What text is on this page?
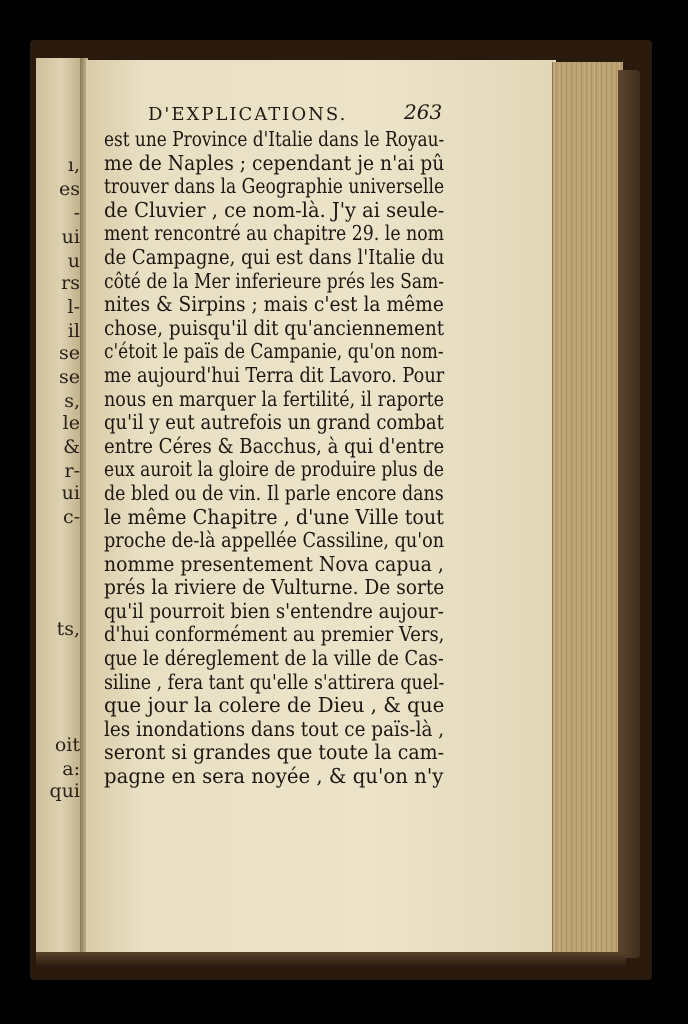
ı,
es
-
ui
u
rs
l-
il
se
se
s,
le
&
r-
ui
c-
ts,
oit
a:
qui
D'EXPLICATIONS.	263
est une Province d'Italie dans le Royau-
me de Naples ; cependant je n'ai pû
trouver dans la Geographie universelle
de Cluvier , ce nom-là. J'y ai seule-
ment rencontré au chapitre 29. le nom
de Campagne, qui est dans l'Italie du
côté de la Mer inferieure prés les Sam-
nites & Sirpins ; mais c'est la même
chose, puisqu'il dit qu'anciennement
c'étoit le païs de Campanie, qu'on nom-
me aujourd'hui Terra dit Lavoro. Pour
nous en marquer la fertilité, il raporte
qu'il y eut autrefois un grand combat
entre Céres & Bacchus, à qui d'entre
eux auroit la gloire de produire plus de
de bled ou de vin. Il parle encore dans
le même Chapitre , d'une Ville tout
proche de-là appellée Cassiline, qu'on
nomme presentement Nova capua ,
prés la riviere de Vulturne. De sorte
qu'il pourroit bien s'entendre aujour-
d'hui conformément au premier Vers,
que le déreglement de la ville de Cas-
siline , fera tant qu'elle s'attirera quel-
que jour la colere de Dieu , & que
les inondations dans tout ce païs-là ,
seront si grandes que toute la cam-
pagne en sera noyée , & qu'on n'y
